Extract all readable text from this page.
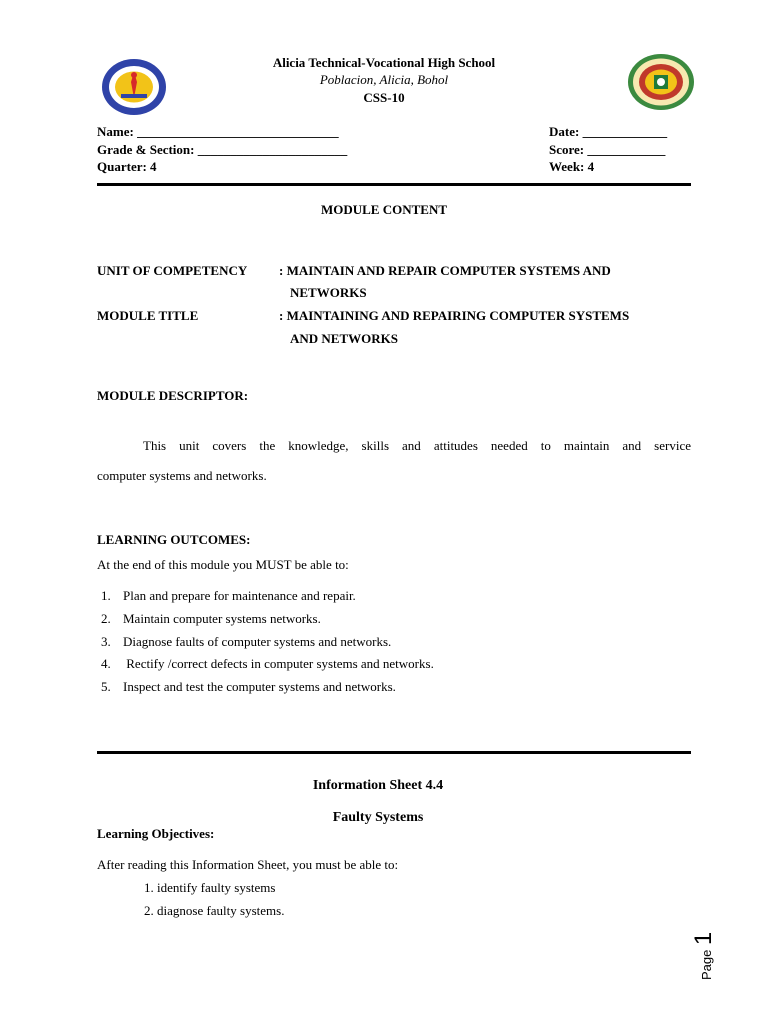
Alicia Technical-Vocational High School
Poblacion, Alicia, Bohol
CSS-10
Name: _______________________________
Grade & Section: _______________________
Quarter: 4
Date: _____________
Score: ____________
Week: 4
MODULE CONTENT
UNIT OF COMPETENCY : MAINTAIN AND REPAIR COMPUTER SYSTEMS AND
NETWORKS
MODULE TITLE	: MAINTAINING AND REPAIRING COMPUTER SYSTEMS
AND NETWORKS
MODULE DESCRIPTOR:
This unit covers the knowledge, skills and attitudes needed to maintain and service
computer systems and networks.
LEARNING OUTCOMES:
At the end of this module you MUST be able to:
1. Plan and prepare for maintenance and repair.
2. Maintain computer systems networks.
3. Diagnose faults of computer systems and networks.
4. Rectify /correct defects in computer systems and networks.
5. Inspect and test the computer systems and networks.
Information Sheet 4.4
Faulty Systems
Learning Objectives:
After reading this Information Sheet, you must be able to:
1. identify faulty systems
2. diagnose faulty systems.
Page 1
